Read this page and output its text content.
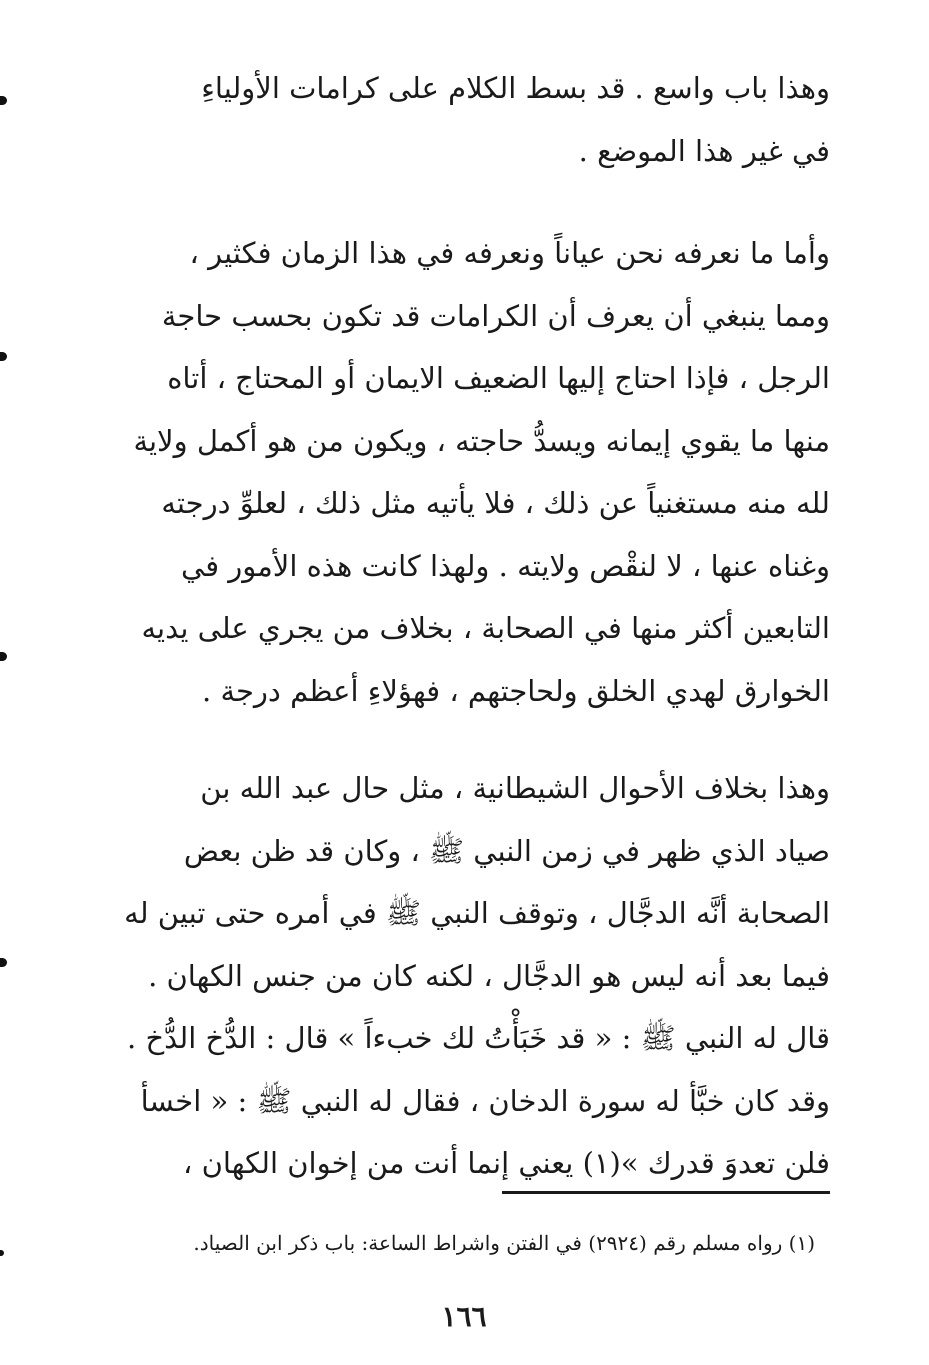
وهذا باب واسع . قد بسط الكلام على كرامات الأولياءِ
في غير هذا الموضع .

وأما ما نعرفه نحن عياناً ونعرفه في هذا الزمان فكثير ،
ومما ينبغي أن يعرف أن الكرامات قد تكون بحسب حاجة
الرجل ، فإذا احتاج إليها الضعيف الايمان أو المحتاج ، أتاه
منها ما يقوي إيمانه ويسدُّ حاجته ، ويكون من هو أكمل ولاية
لله منه مستغنياً عن ذلك ، فلا يأتيه مثل ذلك ، لعلوِّ درجته
وغناه عنها ، لا لنقْص ولايته . ولهذا كانت هذه الأمور في
التابعين أكثر منها في الصحابة ، بخلاف من يجري على يديه
الخوارق لهدي الخلق ولحاجتهم ، فهؤلاءِ أعظم درجة .

وهذا بخلاف الأحوال الشيطانية ، مثل حال عبد الله بن
صياد الذي ظهر في زمن النبي ﷺ ، وكان قد ظن بعض
الصحابة أنَّه الدجَّال ، وتوقف النبي ﷺ في أمره حتى تبين له
فيما بعد أنه ليس هو الدجَّال ، لكنه كان من جنس الكهان .
قال له النبي ﷺ : « قد خَبَأْتُ لك خبءاً » قال : الدُّخ الدُّخ .
وقد كان خبَّأ له سورة الدخان ، فقال له النبي ﷺ : « اخسأ
فلن تعدوَ قدرك »(١) يعني إنما أنت من إخوان الكهان ،

(١) رواه مسلم رقم (٢٩٢٤) في الفتن واشراط الساعة: باب ذكر ابن الصياد.
١٦٦
